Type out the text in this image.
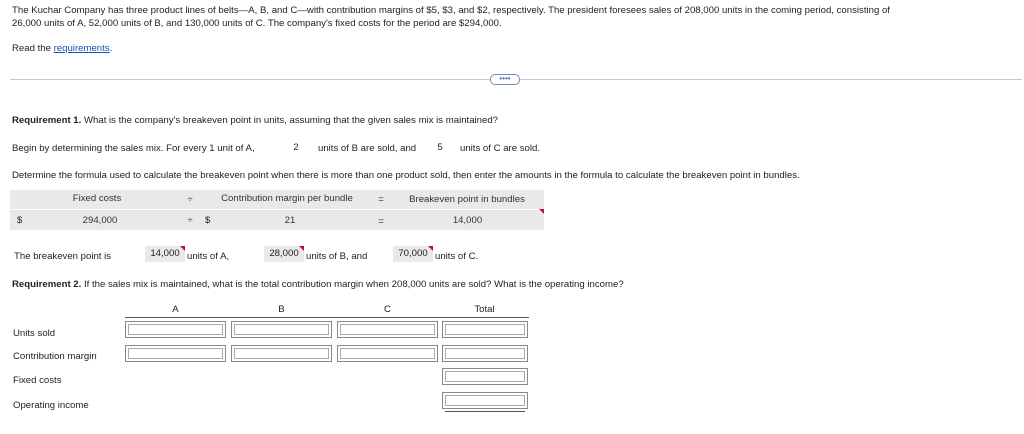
The Kuchar Company has three product lines of belts—A, B, and C—with contribution margins of $5, $3, and $2, respectively. The president foresees sales of 208,000 units in the coming period, consisting of
26,000 units of A, 52,000 units of B, and 130,000 units of C. The company's fixed costs for the period are $294,000.
Read the requirements.
••••
Requirement 1. What is the company's breakeven point in units, assuming that the given sales mix is maintained?
Begin by determining the sales mix. For every 1 unit of A,	2	units of B are sold, and	5	units of C are sold.
Determine the formula used to calculate the breakeven point when there is more than one product sold, then enter the amounts in the formula to calculate the breakeven point in bundles.
Fixed costs	÷	Contribution margin per bundle	=	Breakeven point in bundles
$	294,000	÷	$	21	=	14,000
The breakeven point is	14,000 units of A,	28,000 units of B, and	70,000 units of C.
Requirement 2. If the sales mix is maintained, what is the total contribution margin when 208,000 units are sold? What is the operating income?
A	B	C	Total
Units sold
Contribution margin
Fixed costs
Operating income
